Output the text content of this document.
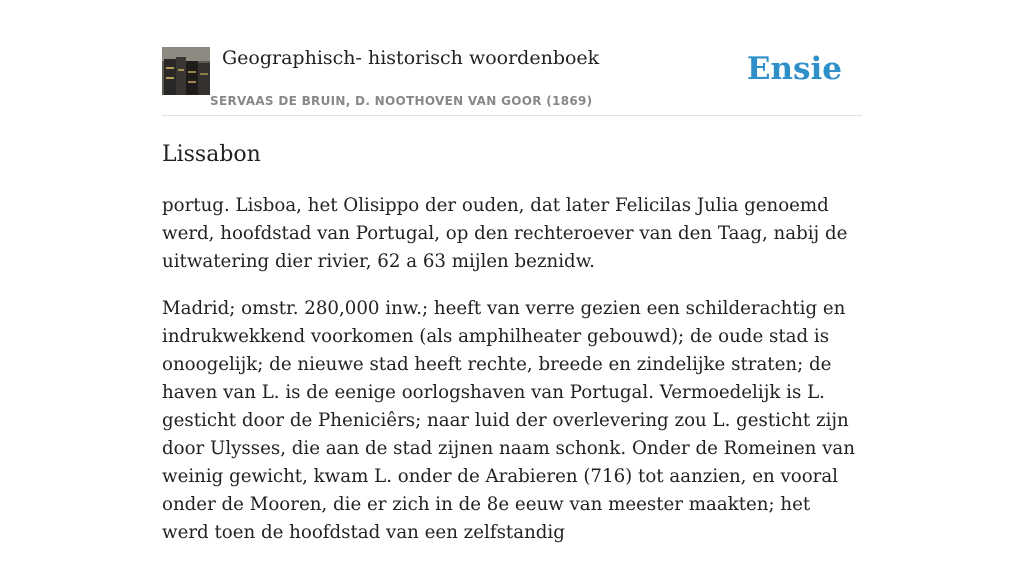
Geographisch- historisch woordenboek
SERVAAS DE BRUIN, D. NOOTHOVEN VAN GOOR (1869)
Ensie
Lissabon

portug. Lisboa, het Olisippo der ouden, dat later Felicilas Julia genoemd werd, hoofdstad van Portugal, op den rechteroever van den Taag, nabij de uitwatering dier rivier, 62 a 63 mijlen beznidw.

Madrid; omstr. 280,000 inw.; heeft van verre gezien een schilderachtig en indrukwekkend voorkomen (als amphilheater gebouwd); de oude stad is onoogelijk; de nieuwe stad heeft rechte, breede en zindelijke straten; de haven van L. is de eenige oorlogshaven van Portugal. Vermoedelijk is L. gesticht door de Pheniciêrs; naar luid der overlevering zou L. gesticht zijn door Ulysses, die aan de stad zijnen naam schonk. Onder de Romeinen van weinig gewicht, kwam L. onder de Arabieren (716) tot aanzien, en vooral onder de Mooren, die er zich in de 8e eeuw van meester maakten; het werd toen de hoofdstad van een zelfstandig
